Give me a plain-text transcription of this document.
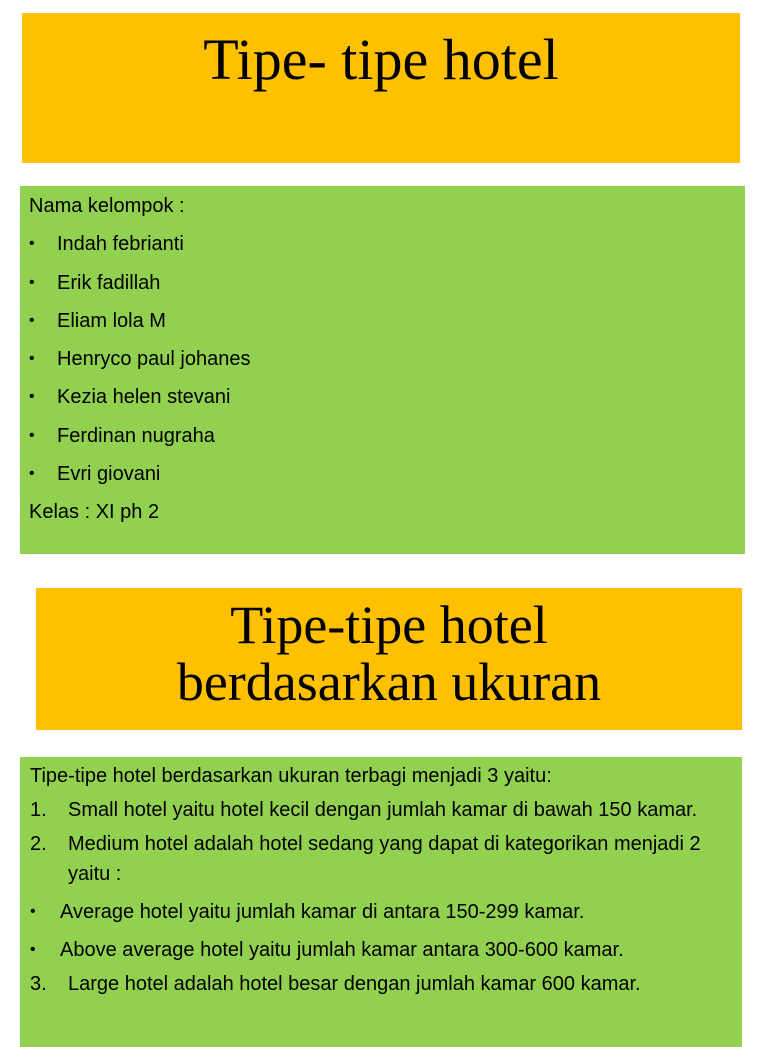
Tipe- tipe hotel
Nama kelompok :
• Indah febrianti
• Erik fadillah
• Eliam lola M
• Henryco paul johanes
• Kezia helen stevani
• Ferdinan nugraha
• Evri giovani
Kelas : XI ph 2
Tipe-tipe hotel
berdasarkan ukuran
Tipe-tipe hotel berdasarkan ukuran terbagi menjadi 3 yaitu:
1. Small hotel yaitu hotel kecil dengan jumlah kamar di bawah 150 kamar.
2. Medium hotel adalah hotel sedang yang dapat di kategorikan menjadi 2 yaitu :
• Average hotel yaitu jumlah kamar di antara 150-299 kamar.
• Above average hotel yaitu jumlah kamar antara 300-600 kamar.
3. Large hotel adalah hotel besar dengan jumlah kamar 600 kamar.
